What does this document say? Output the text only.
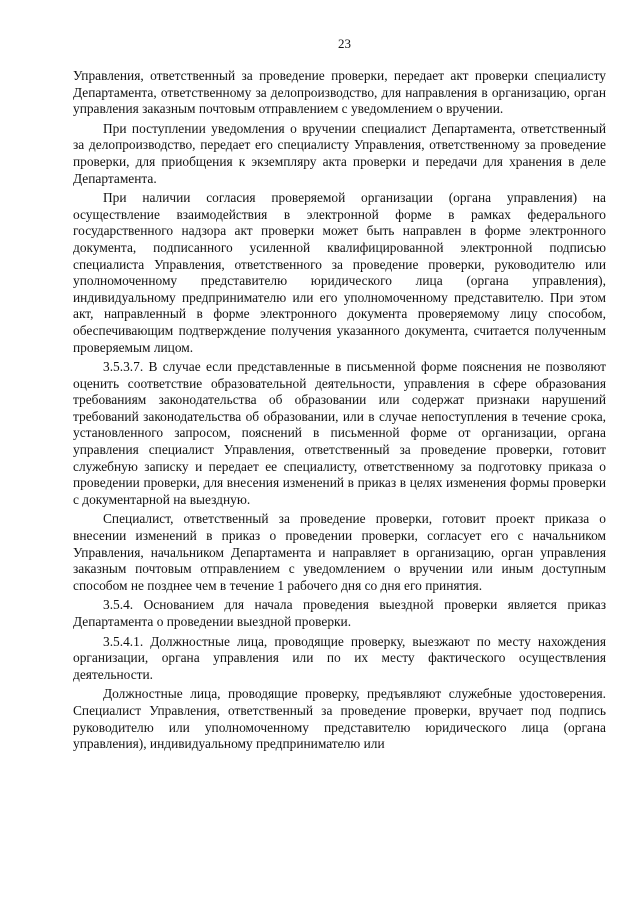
23

Управления, ответственный за проведение проверки, передает акт проверки специалисту Департамента, ответственному за делопроизводство, для направления в организацию, орган управления заказным почтовым отправлением с уведомлением о вручении.

При поступлении уведомления о вручении специалист Департамента, ответственный за делопроизводство, передает его специалисту Управления, ответственному за проведение проверки, для приобщения к экземпляру акта проверки и передачи для хранения в деле Департамента.

При наличии согласия проверяемой организации (органа управления) на осуществление взаимодействия в электронной форме в рамках федерального государственного надзора акт проверки может быть направлен в форме электронного документа, подписанного усиленной квалифицированной электронной подписью специалиста Управления, ответственного за проведение проверки, руководителю или уполномоченному представителю юридического лица (органа управления), индивидуальному предпринимателю или его уполномоченному представителю. При этом акт, направленный в форме электронного документа проверяемому лицу способом, обеспечивающим подтверждение получения указанного документа, считается полученным проверяемым лицом.

3.5.3.7. В случае если представленные в письменной форме пояснения не позволяют оценить соответствие образовательной деятельности, управления в сфере образования требованиям законодательства об образовании или содержат признаки нарушений требований законодательства об образовании, или в случае непоступления в течение срока, установленного запросом, пояснений в письменной форме от организации, органа управления специалист Управления, ответственный за проведение проверки, готовит служебную записку и передает ее специалисту, ответственному за подготовку приказа о проведении проверки, для внесения изменений в приказ в целях изменения формы проверки с документарной на выездную.

Специалист, ответственный за проведение проверки, готовит проект приказа о внесении изменений в приказ о проведении проверки, согласует его с начальником Управления, начальником Департамента и направляет в организацию, орган управления заказным почтовым отправлением с уведомлением о вручении или иным доступным способом не позднее чем в течение 1 рабочего дня со дня его принятия.

3.5.4. Основанием для начала проведения выездной проверки является приказ Департамента о проведении выездной проверки.

3.5.4.1. Должностные лица, проводящие проверку, выезжают по месту нахождения организации, органа управления или по их месту фактического осуществления деятельности.

Должностные лица, проводящие проверку, предъявляют служебные удостоверения. Специалист Управления, ответственный за проведение проверки, вручает под подпись руководителю или уполномоченному представителю юридического лица (органа управления), индивидуальному предпринимателю или
